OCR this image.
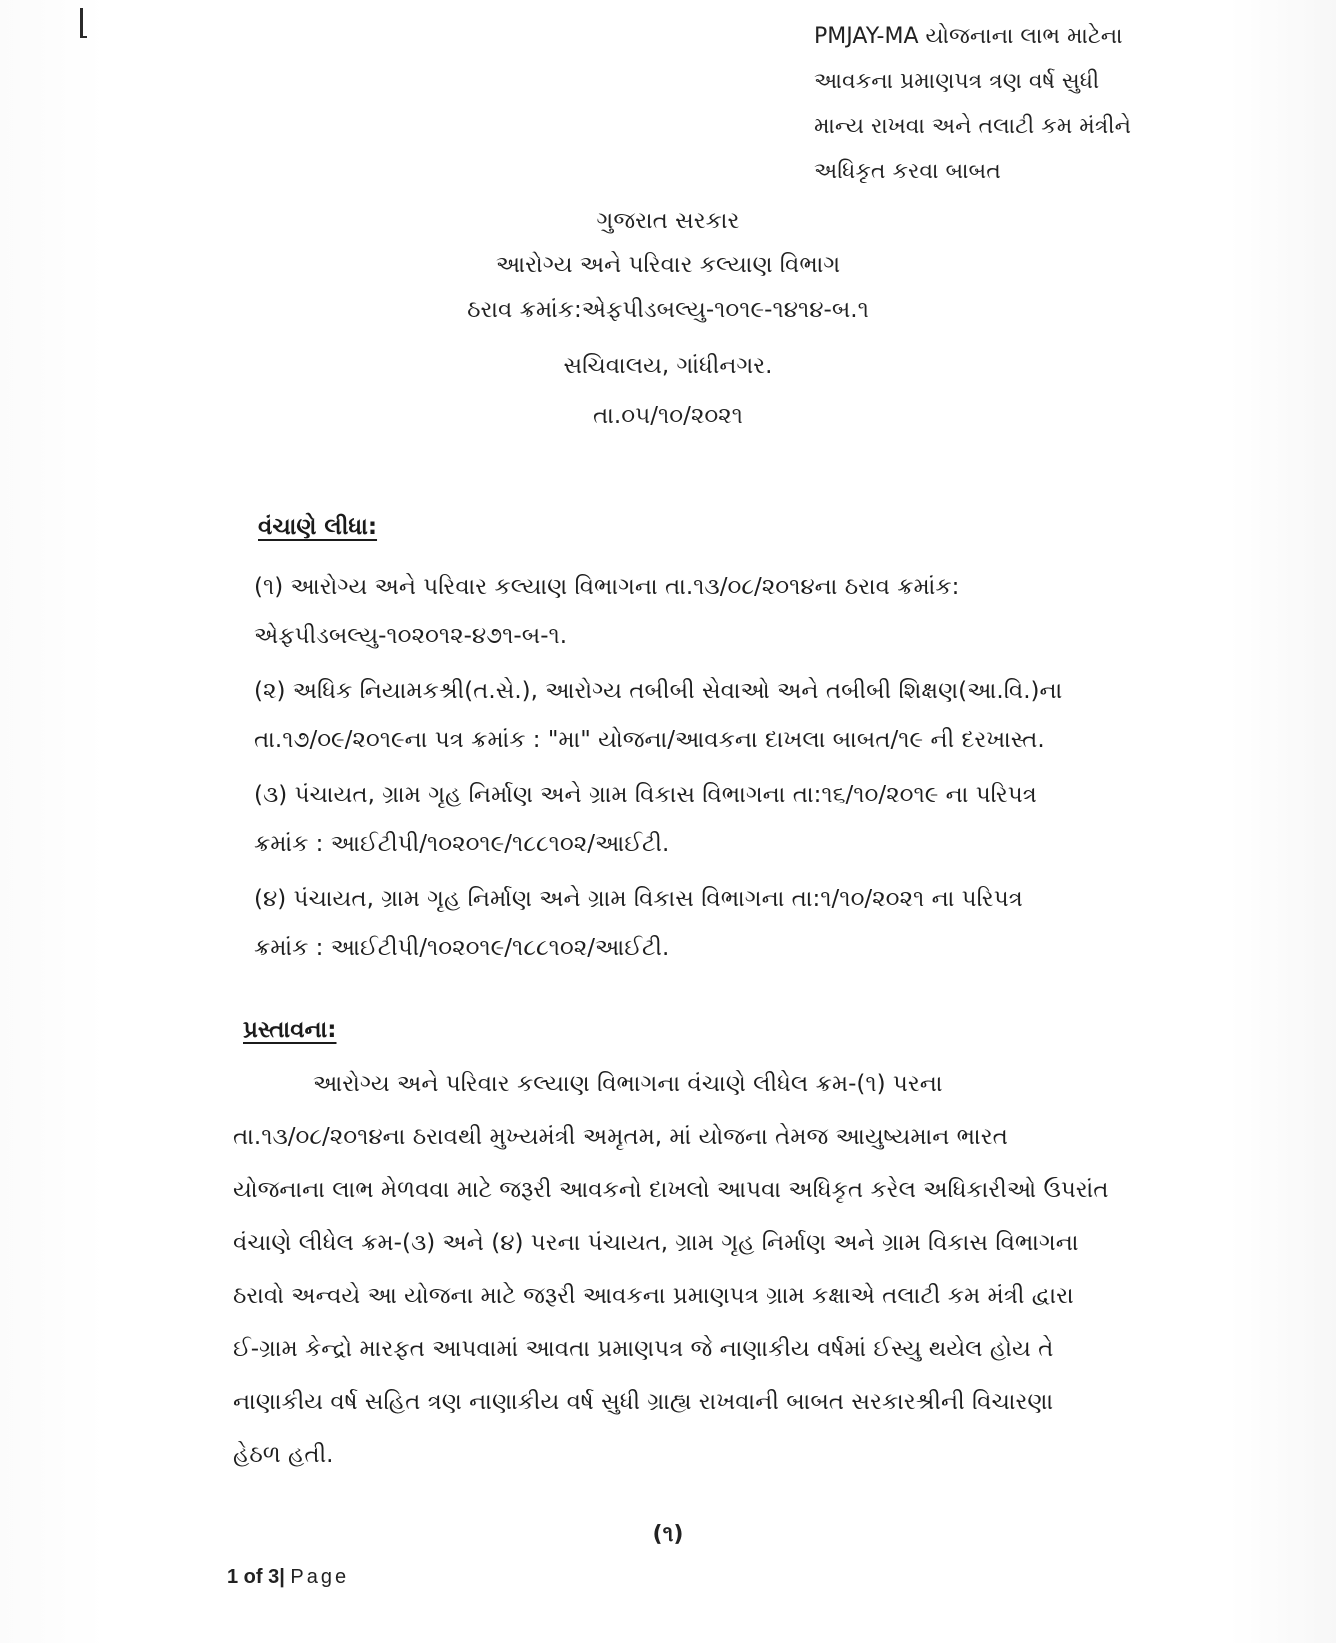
PMJAY-MA યોજનાના લાભ માટેના
આવકના પ્રમાણપત્ર ત્રણ વર્ષ સુધી
માન્ય રાખવા અને તલાટી કમ મંત્રીને
અધિકૃત કરવા બાબત
ગુજરાત સરકાર
આરોગ્ય અને પરિવાર કલ્યાણ વિભાગ
ઠરાવ ક્રમાંક:એફપીડબલ્યુ-૧૦૧૯-૧૪૧૪-બ.૧
સચિવાલય, ગાંધીનગર.
તા.૦૫/૧૦/૨૦૨૧
વંચાણે લીધા:
(૧) આરોગ્ય અને પરિવાર કલ્યાણ વિભાગના તા.૧૩/૦૮/૨૦૧૪ના ઠરાવ ક્રમાંક:
એફપીડબલ્યુ-૧૦૨૦૧૨-૪૭૧-બ-૧.
(૨) અધિક નિયામકશ્રી(ત.સે.), આરોગ્ય તબીબી સેવાઓ અને તબીબી શિક્ષણ(આ.વિ.)ના
તા.૧૭/૦૯/૨૦૧૯ના પત્ર ક્રમાંક : "મા" યોજના/આવકના દાખલા બાબત/૧૯ ની દરખાસ્ત.
(૩) પંચાયત, ગ્રામ ગૃહ નિર્માણ અને ગ્રામ વિકાસ વિભાગના તા:૧૬/૧૦/૨૦૧૯ ના પરિપત્ર
ક્રમાંક : આઈટીપી/૧૦૨૦૧૯/૧૮૮૧૦૨/આઈટી.
(૪) પંચાયત, ગ્રામ ગૃહ નિર્માણ અને ગ્રામ વિકાસ વિભાગના તા:૧/૧૦/૨૦૨૧ ના પરિપત્ર
ક્રમાંક : આઈટીપી/૧૦૨૦૧૯/૧૮૮૧૦૨/આઈટી.
પ્રસ્તાવના:
આરોગ્ય અને પરિવાર કલ્યાણ વિભાગના વંચાણે લીધેલ ક્રમ-(૧) પરના
તા.૧૩/૦૮/૨૦૧૪ના ઠરાવથી મુખ્યમંત્રી અમૃતમ, માં યોજના તેમજ આયુષ્યમાન ભારત
યોજનાના લાભ મેળવવા માટે જરૂરી આવકનો દાખલો આપવા અધિકૃત કરેલ અધિકારીઓ ઉપરાંત
વંચાણે લીધેલ ક્રમ-(૩) અને (૪) પરના પંચાયત, ગ્રામ ગૃહ નિર્માણ અને ગ્રામ વિકાસ વિભાગના
ઠરાવો અન્વયે આ યોજના માટે જરૂરી આવકના પ્રમાણપત્ર ગ્રામ કક્ષાએ તલાટી કમ મંત્રી દ્વારા
ઈ-ગ્રામ કેન્દ્રો મારફત આપવામાં આવતા પ્રમાણપત્ર જે નાણાકીય વર્ષમાં ઈસ્યુ થયેલ હોય તે
નાણાકીય વર્ષ સહિત ત્રણ નાણાકીય વર્ષ સુધી ગ્રાહ્ય રાખવાની બાબત સરકારશ્રીની વિચારણા
હેઠળ હતી.
(૧)
1 of 3| Page
